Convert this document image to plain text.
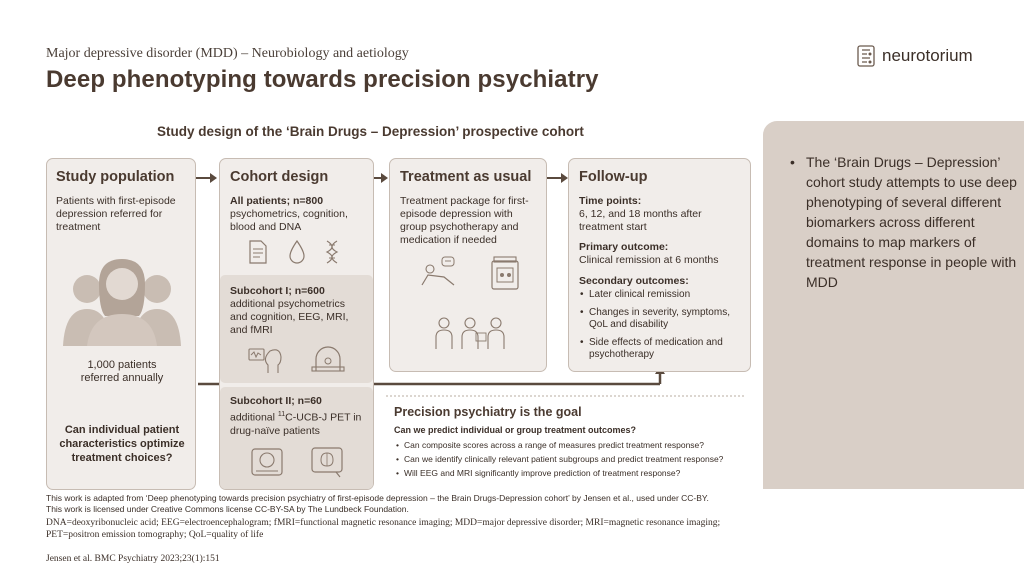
Major depressive disorder (MDD) – Neurobiology and aetiology
Deep phenotyping towards precision psychiatry
neurotorium
Study design of the ‘Brain Drugs – Depression’ prospective cohort
Study population
Patients with first-episode depression referred for treatment
1,000 patients
referred annually
Can individual patient characteristics optimize treatment choices?
Cohort design
All patients; n=800
psychometrics, cognition, blood and DNA
Subcohort I; n=600
additional psychometrics and cognition, EEG, MRI, and fMRI
Subcohort II; n=60
additional $^{11}$C-UCB-J PET in drug-naïve patients
Treatment as usual
Treatment package for first-episode depression with group psychotherapy and medication if needed
Follow-up
Time points:
6, 12, and 18 months after treatment start
Primary outcome:
Clinical remission at 6 months
Secondary outcomes:
• Later clinical remission
• Changes in severity, symptoms, QoL and disability
• Side effects of medication and psychotherapy
Precision psychiatry is the goal
Can we predict individual or group treatment outcomes?
• Can composite scores across a range of measures predict treatment response?
• Can we identify clinically relevant patient subgroups and predict treatment response?
• Will EEG and MRI significantly improve prediction of treatment response?
• The ‘Brain Drugs – Depression’ cohort study attempts to use deep phenotyping of several different biomarkers across different domains to map markers of treatment response in people with MDD
This work is adapted from ‘Deep phenotyping towards precision psychiatry of first-episode depression – the Brain Drugs-Depression cohort’ by Jensen et al., used under CC-BY.
This work is licensed under Creative Commons license CC-BY-SA by The Lundbeck Foundation.
DNA=deoxyribonucleic acid; EEG=electroencephalogram; fMRI=functional magnetic resonance imaging; MDD=major depressive disorder; MRI=magnetic resonance imaging;
PET=positron emission tomography; QoL=quality of life
Jensen et al. BMC Psychiatry 2023;23(1):151
